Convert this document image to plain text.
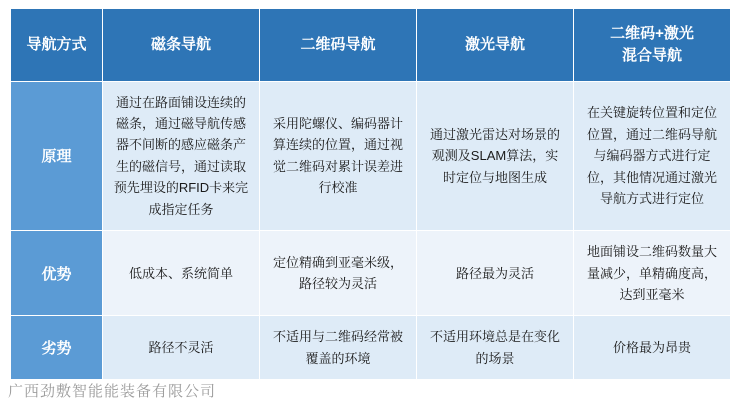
导航方式	磁条导航	二维码导航	激光导航	二维码+激光
混合导航
原理	通过在路面铺设连续的磁条，通过磁导航传感器不间断的感应磁条产生的磁信号，通过读取预先埋设的RFID卡来完成指定任务	采用陀螺仪、编码器计算连续的位置，通过视觉二维码对累计误差进行校准	通过激光雷达对场景的观测及SLAM算法，实时定位与地图生成	在关键旋转位置和定位位置，通过二维码导航与编码器方式进行定位，其他情况通过激光导航方式进行定位
优势	低成本、系统简单	定位精确到亚毫米级，路径较为灵活	路径最为灵活	地面铺设二维码数量大量减少，单精确度高，达到亚毫米
劣势	路径不灵活	不适用与二维码经常被覆盖的环境	不适用环境总是在变化的场景	价格最为昂贵
广西劲敷智能能装备有限公司
